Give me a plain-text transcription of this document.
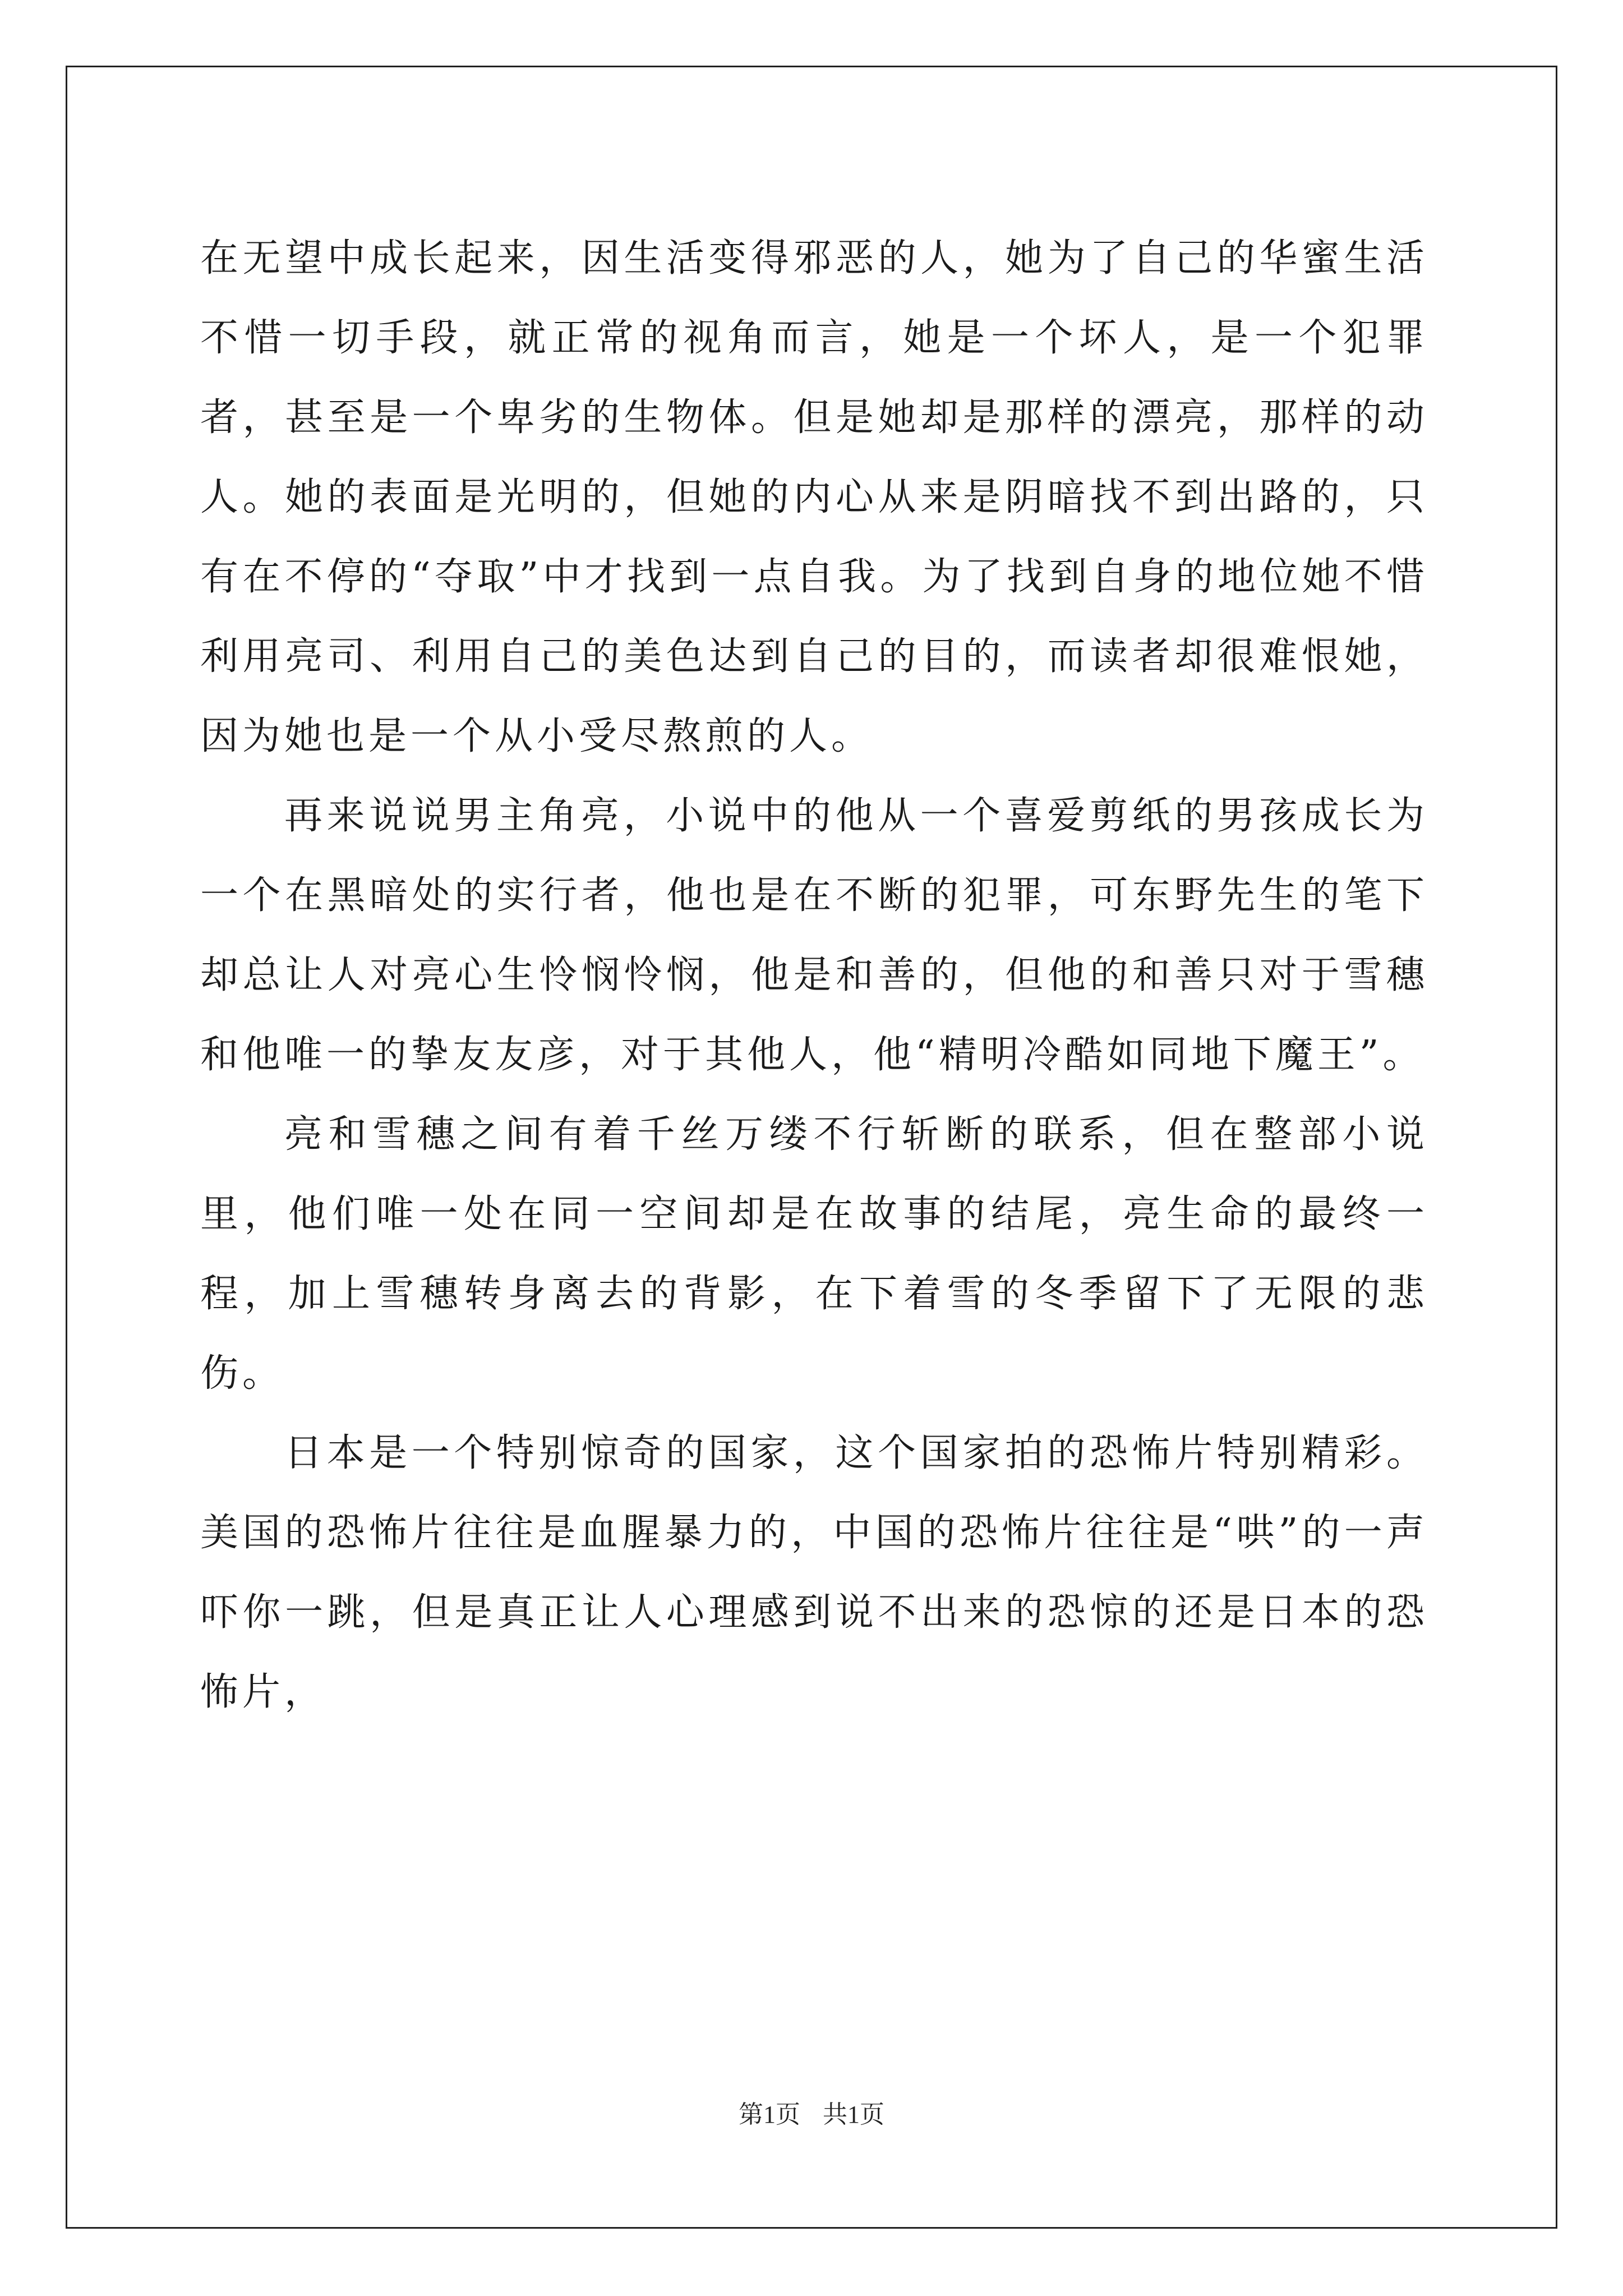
在无望中成长起来，因生活变得邪恶的人，她为了自己的华蜜生活不惜一切手段，就正常的视角而言，她是一个坏人，是一个犯罪者，甚至是一个卑劣的生物体。但是她却是那样的漂亮，那样的动人。她的表面是光明的，但她的内心从来是阴暗找不到出路的，只有在不停的“夺取”中才找到一点自我。为了找到自身的地位她不惜利用亮司、利用自己的美色达到自己的目的，而读者却很难恨她，因为她也是一个从小受尽熬煎的人。

再来说说男主角亮，小说中的他从一个喜爱剪纸的男孩成长为一个在黑暗处的实行者，他也是在不断的犯罪，可东野先生的笔下却总让人对亮心生怜悯怜悯，他是和善的，但他的和善只对于雪穗和他唯一的挚友友彦，对于其他人，他“精明冷酷如同地下魔王”。

亮和雪穗之间有着千丝万缕不行斩断的联系，但在整部小说里，他们唯一处在同一空间却是在故事的结尾，亮生命的最终一程，加上雪穗转身离去的背影，在下着雪的冬季留下了无限的悲伤。

日本是一个特别惊奇的国家，这个国家拍的恐怖片特别精彩。美国的恐怖片往往是血腥暴力的，中国的恐怖片往往是“哄”的一声吓你一跳，但是真正让人心理感到说不出来的恐惊的还是日本的恐怖片，

第1页 共1页
